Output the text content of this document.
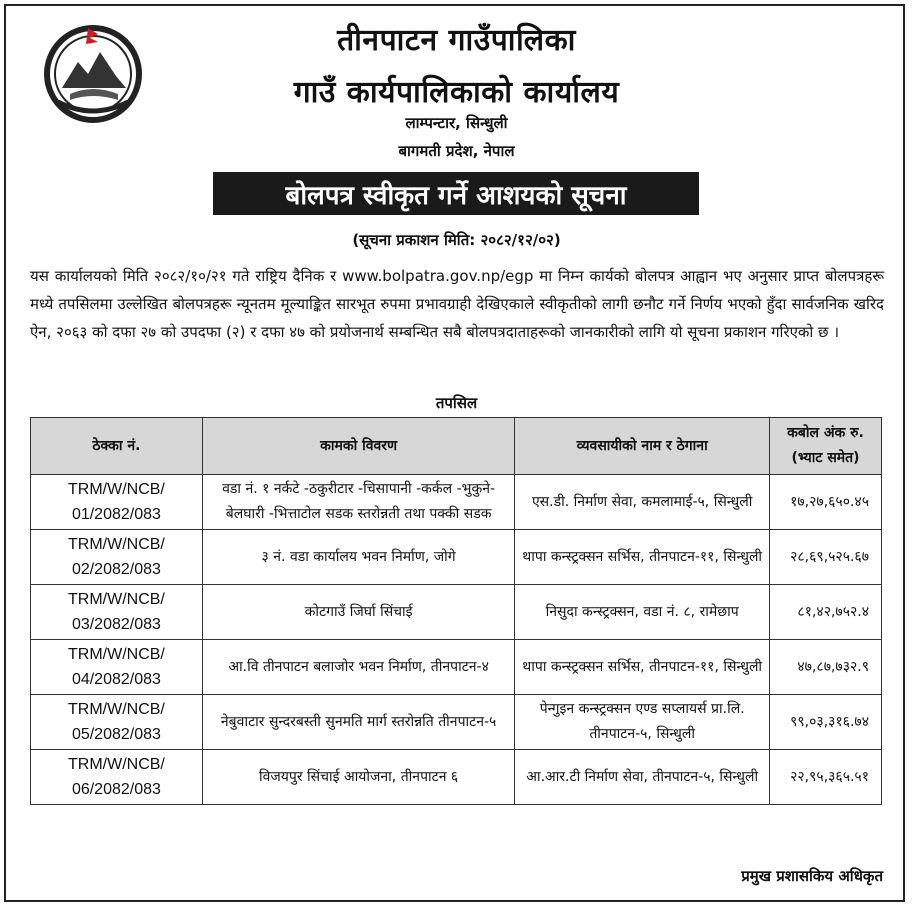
तीनपाटन गाउँपालिका
गाउँ कार्यपालिकाको कार्यालय
लाम्पन्टार, सिन्धुली
बागमती प्रदेश, नेपाल
बोलपत्र स्वीकृत गर्ने आशयको सूचना
(सूचना प्रकाशन मिति: २०८२/१२/०२)
यस कार्यालयको मिति २०८२/१०/२१ गते राष्ट्रिय दैनिक र www.bolpatra.gov.np/egp मा निम्न कार्यको बोलपत्र आह्वान भए अनुसार प्राप्त बोलपत्रहरू मध्ये तपसिलमा उल्लेखित बोलपत्रहरू न्यूनतम मूल्याङ्कित सारभूत रुपमा प्रभावग्राही देखिएकाले स्वीकृतीको लागी छनौट गर्ने निर्णय भएको हुँदा सार्वजनिक खरिद ऐन, २०६३ को दफा २७ को उपदफा (२) र दफा ४७ को प्रयोजनार्थ सम्बन्धित सबै बोलपत्रदाताहरूको जानकारीको लागि यो सूचना प्रकाशन गरिएको छ ।
तपसिल
ठेक्का नं.	कामको विवरण	व्यवसायीको नाम र ठेगाना	कबोल अंक रु. (भ्याट समेत)
TRM/W/NCB/ 01/2082/083	वडा नं. १ नर्कटे -ठकुरीटार -चिसापानी -कर्कल -भुकुने-बेलघारी -भित्ताटोल सडक स्तरोन्नती तथा पक्की सडक	एस.डी. निर्माण सेवा, कमलामाई-५, सिन्धुली	१७,२७,६५०.४५
TRM/W/NCB/ 02/2082/083	३ नं. वडा कार्यालय भवन निर्माण, जोगे	थापा कन्स्ट्रक्सन सर्भिस, तीनपाटन-११, सिन्धुली	२८,६९,५२५.६७
TRM/W/NCB/ 03/2082/083	कोटगाउँ जिर्घा सिंचाई	निसुदा कन्स्ट्रक्सन, वडा नं. ८, रामेछाप	८१,४२,७५२.४
TRM/W/NCB/ 04/2082/083	आ.वि तीनपाटन बलाजोर भवन निर्माण, तीनपाटन-४	थापा कन्स्ट्रक्सन सर्भिस, तीनपाटन-११, सिन्धुली	४७,८७,७३२.९
TRM/W/NCB/ 05/2082/083	नेबुवाटार सुन्दरबस्ती सुनमति मार्ग स्तरोन्नति तीनपाटन-५	पेन्गुइन कन्स्ट्रक्सन एण्ड सप्लायर्स प्रा.लि. तीनपाटन-५, सिन्धुली	९९,०३,३१६.७४
TRM/W/NCB/ 06/2082/083	विजयपुर सिंचाई आयोजना, तीनपाटन ६	आ.आर.टी निर्माण सेवा, तीनपाटन-५, सिन्धुली	२२,९५,३६५.५१
प्रमुख प्रशासकिय अधिकृत
